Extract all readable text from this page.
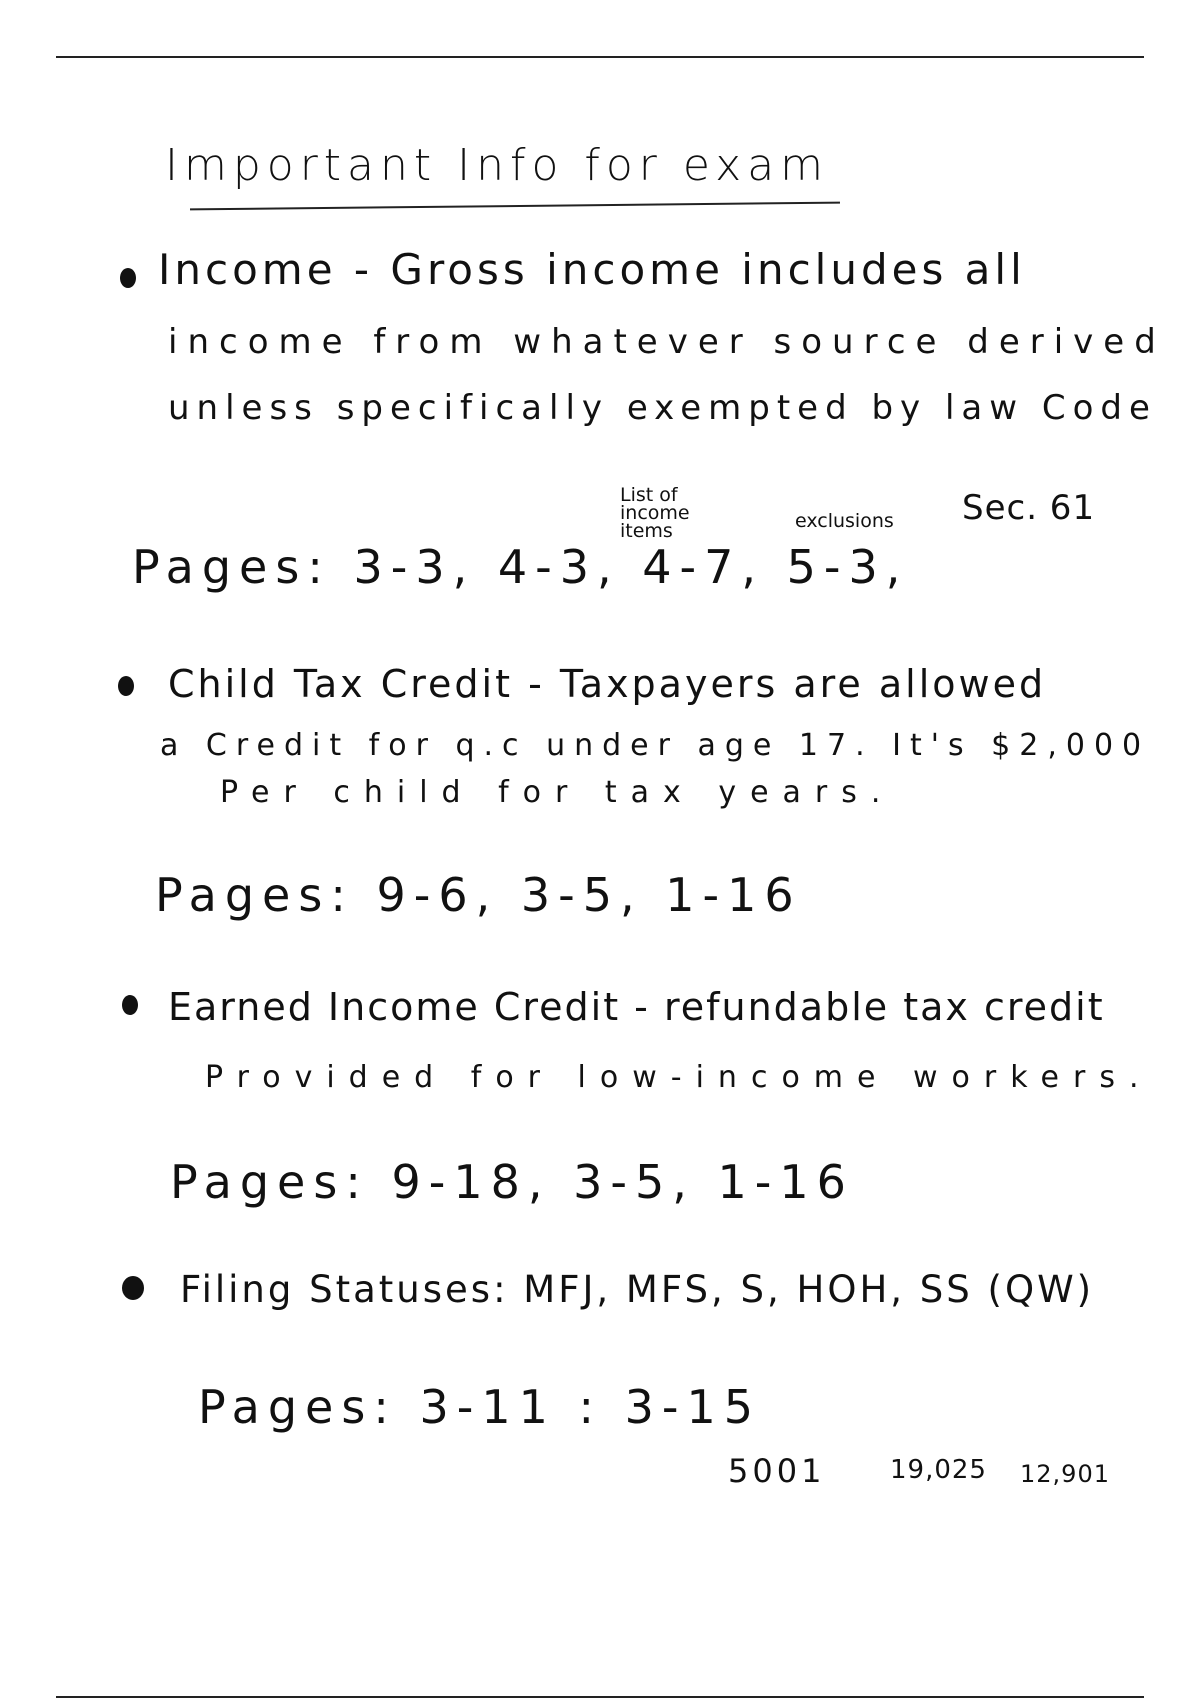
Important Info for exam
Income - Gross income includes all
income from whatever source derived
unless specifically exempted by law Code
Sec. 61
List of income items	exclusions
Pages: 3-3, 4-3, 4-7, 5-3,
Child Tax Credit - Taxpayers are allowed
a Credit for q.c under age 17. It's $2,000
Per child for tax years.
Pages: 9-6, 3-5, 1-16
Earned Income Credit - refundable tax credit
Provided for low-income workers.
Pages: 9-18, 3-5, 1-16
Filing Statuses: MFJ, MFS, S, HOH, SS (QW)
Pages: 3-11 : 3-15
5001 19,025 12,901
